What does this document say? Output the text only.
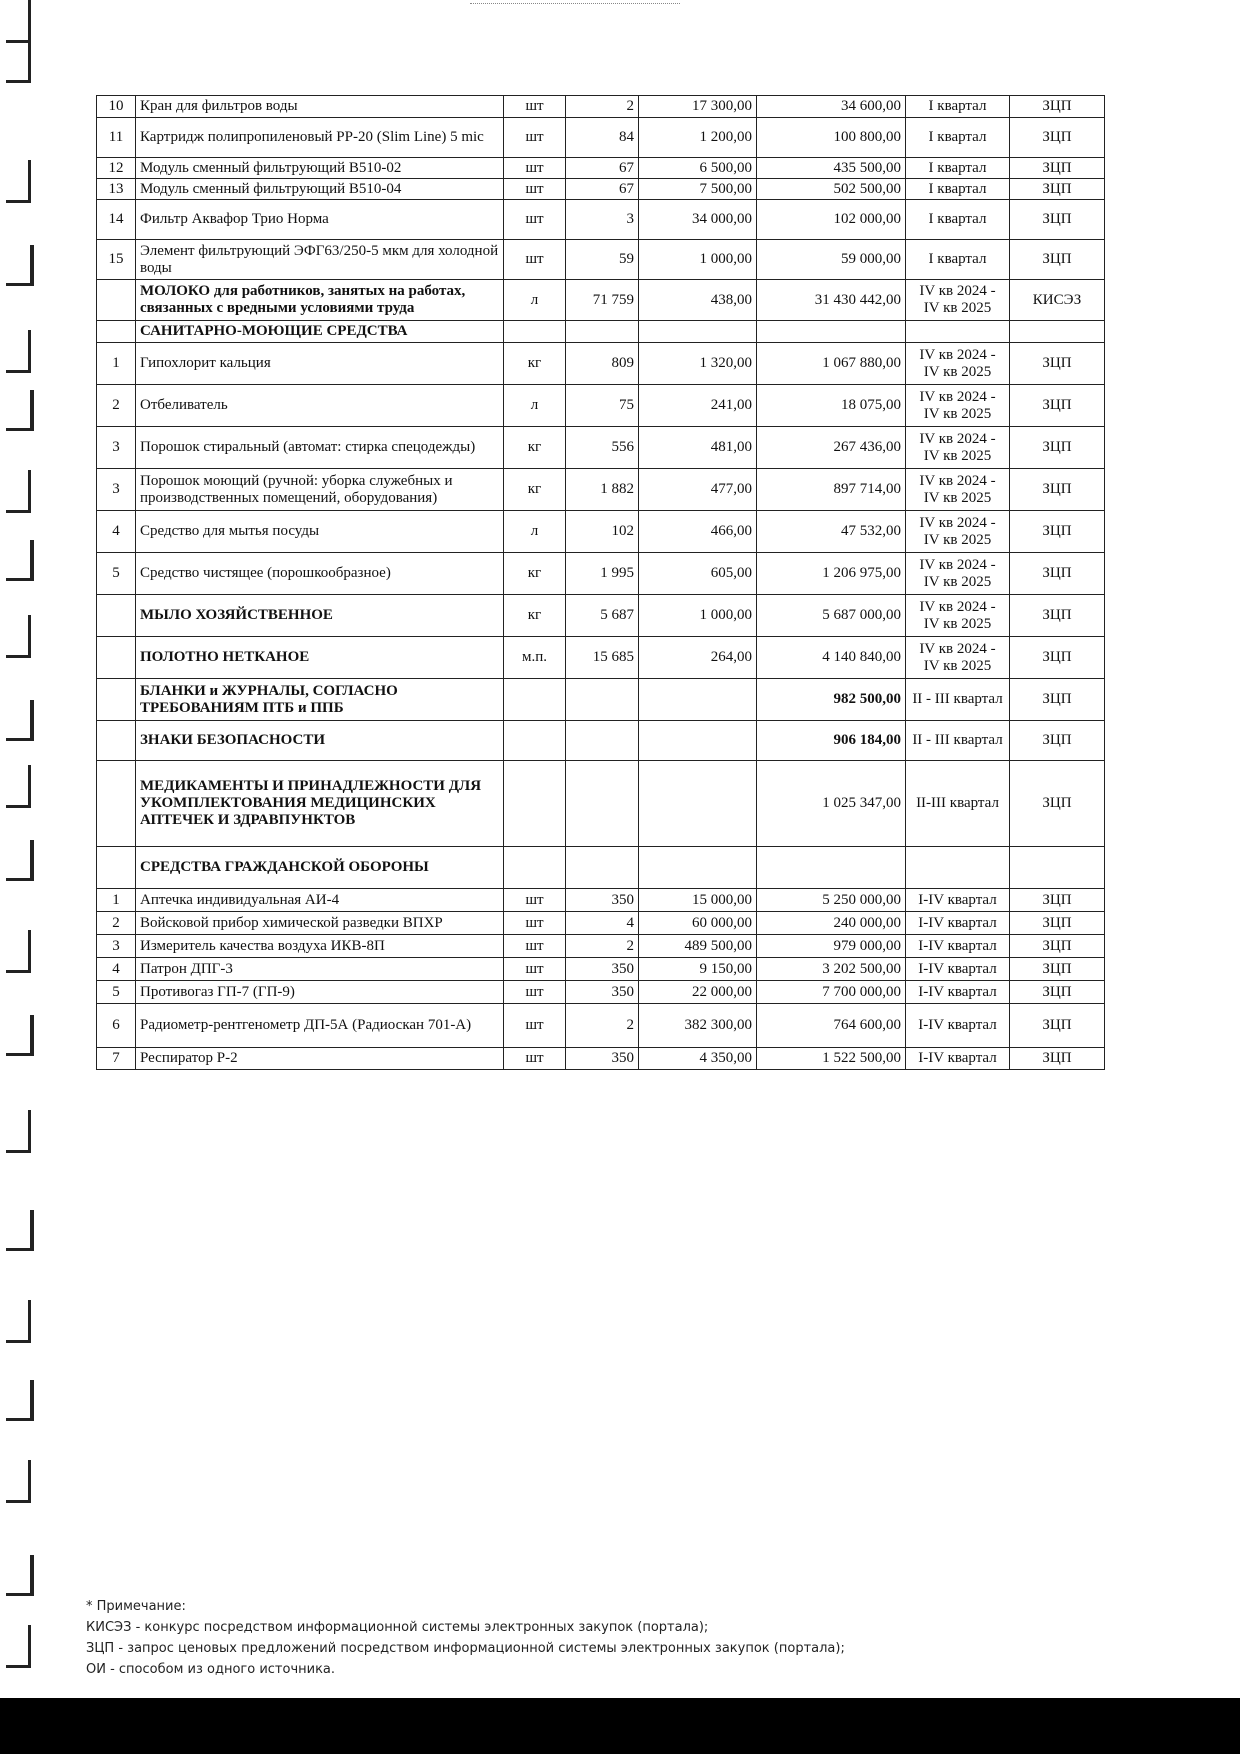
10	Кран для фильтров воды	шт	2	17 300,00	34 600,00	I квартал	ЗЦП
11	Картридж полипропиленовый PP-20 (Slim Line) 5 mic	шт	84	1 200,00	100 800,00	I квартал	ЗЦП
12	Модуль сменный фильтрующий B510-02	шт	67	6 500,00	435 500,00	I квартал	ЗЦП
13	Модуль сменный фильтрующий B510-04	шт	67	7 500,00	502 500,00	I квартал	ЗЦП
14	Фильтр Аквафор Трио Норма	шт	3	34 000,00	102 000,00	I квартал	ЗЦП
15	Элемент фильтрующий ЭФГ63/250-5 мкм для холодной воды	шт	59	1 000,00	59 000,00	I квартал	ЗЦП
	МОЛОКО для работников, занятых на работах, связанных с вредными условиями труда	л	71 759	438,00	31 430 442,00	IV кв 2024 - IV кв 2025	КИСЭЗ
	САНИТАРНО-МОЮЩИЕ СРЕДСТВА						
1	Гипохлорит кальция	кг	809	1 320,00	1 067 880,00	IV кв 2024 - IV кв 2025	ЗЦП
2	Отбеливатель	л	75	241,00	18 075,00	IV кв 2024 - IV кв 2025	ЗЦП
3	Порошок стиральный (автомат: стирка спецодежды)	кг	556	481,00	267 436,00	IV кв 2024 - IV кв 2025	ЗЦП
3	Порошок моющий (ручной: уборка служебных и производственных помещений, оборудования)	кг	1 882	477,00	897 714,00	IV кв 2024 - IV кв 2025	ЗЦП
4	Средство для мытья посуды	л	102	466,00	47 532,00	IV кв 2024 - IV кв 2025	ЗЦП
5	Средство чистящее (порошкообразное)	кг	1 995	605,00	1 206 975,00	IV кв 2024 - IV кв 2025	ЗЦП
	МЫЛО ХОЗЯЙСТВЕННОЕ	кг	5 687	1 000,00	5 687 000,00	IV кв 2024 - IV кв 2025	ЗЦП
	ПОЛОТНО НЕТКАНОЕ	м.п.	15 685	264,00	4 140 840,00	IV кв 2024 - IV кв 2025	ЗЦП
	БЛАНКИ и ЖУРНАЛЫ, СОГЛАСНО ТРЕБОВАНИЯМ ПТБ и ППБ				982 500,00	II - III квартал	ЗЦП
	ЗНАКИ БЕЗОПАСНОСТИ				906 184,00	II - III квартал	ЗЦП
	МЕДИКАМЕНТЫ И ПРИНАДЛЕЖНОСТИ ДЛЯ УКОМПЛЕКТОВАНИЯ МЕДИЦИНСКИХ АПТЕЧЕК И ЗДРАВПУНКТОВ				1 025 347,00	II-III квартал	ЗЦП
	СРЕДСТВА ГРАЖДАНСКОЙ ОБОРОНЫ						
1	Аптечка индивидуальная АИ-4	шт	350	15 000,00	5 250 000,00	I-IV квартал	ЗЦП
2	Войсковой прибор химической разведки ВПХР	шт	4	60 000,00	240 000,00	I-IV квартал	ЗЦП
3	Измеритель качества воздуха ИКВ-8П	шт	2	489 500,00	979 000,00	I-IV квартал	ЗЦП
4	Патрон ДПГ-3	шт	350	9 150,00	3 202 500,00	I-IV квартал	ЗЦП
5	Противогаз ГП-7 (ГП-9)	шт	350	22 000,00	7 700 000,00	I-IV квартал	ЗЦП
6	Радиометр-рентгенометр ДП-5А (Радиоскан 701-А)	шт	2	382 300,00	764 600,00	I-IV квартал	ЗЦП
7	Респиратор Р-2	шт	350	4 350,00	1 522 500,00	I-IV квартал	ЗЦП
* Примечание:
КИСЭЗ - конкурс посредством информационной системы электронных закупок (портала);
ЗЦП - запрос ценовых предложений посредством информационной системы электронных закупок (портала);
ОИ - способом из одного источника.
